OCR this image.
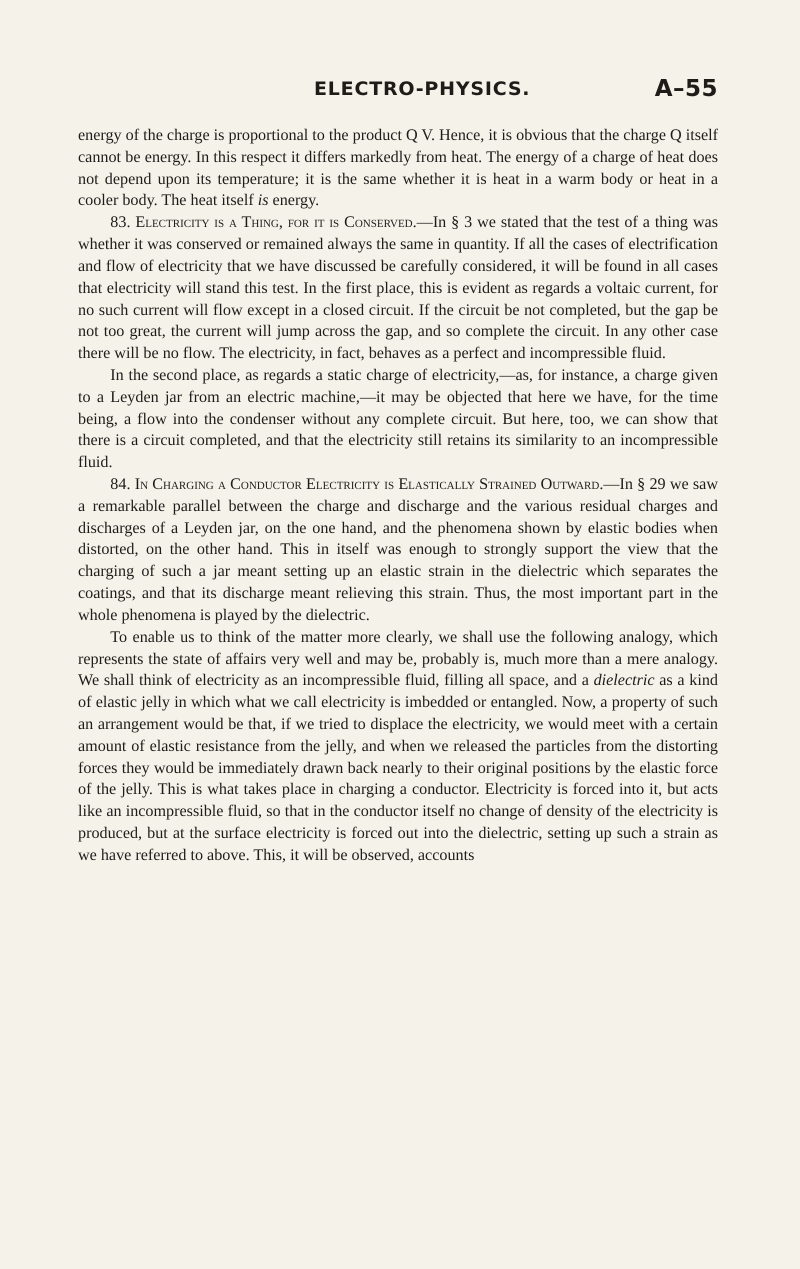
ELECTRO-PHYSICS.	A–55

energy of the charge is proportional to the product Q V. Hence, it is obvious that the charge Q itself cannot be energy. In this respect it differs markedly from heat. The energy of a charge of heat does not depend upon its temperature; it is the same whether it is heat in a warm body or heat in a cooler body. The heat itself is energy.

83. Electricity is a Thing, for it is Conserved.—In § 3 we stated that the test of a thing was whether it was conserved or remained always the same in quantity. If all the cases of electrification and flow of electricity that we have discussed be carefully considered, it will be found in all cases that electricity will stand this test. In the first place, this is evident as regards a voltaic current, for no such current will flow except in a closed circuit. If the circuit be not completed, but the gap be not too great, the current will jump across the gap, and so complete the circuit. In any other case there will be no flow. The electricity, in fact, behaves as a perfect and incompressible fluid.

In the second place, as regards a static charge of electricity,—as, for instance, a charge given to a Leyden jar from an electric machine,—it may be objected that here we have, for the time being, a flow into the condenser without any complete circuit. But here, too, we can show that there is a circuit completed, and that the electricity still retains its similarity to an incompressible fluid.

84. In Charging a Conductor Electricity is Elastically Strained Outward.—In § 29 we saw a remarkable parallel between the charge and discharge and the various residual charges and discharges of a Leyden jar, on the one hand, and the phenomena shown by elastic bodies when distorted, on the other hand. This in itself was enough to strongly support the view that the charging of such a jar meant setting up an elastic strain in the dielectric which separates the coatings, and that its discharge meant relieving this strain. Thus, the most important part in the whole phenomena is played by the dielectric.

To enable us to think of the matter more clearly, we shall use the following analogy, which represents the state of affairs very well and may be, probably is, much more than a mere analogy. We shall think of electricity as an incompressible fluid, filling all space, and a dielectric as a kind of elastic jelly in which what we call electricity is imbedded or entangled. Now, a property of such an arrangement would be that, if we tried to displace the electricity, we would meet with a certain amount of elastic resistance from the jelly, and when we released the particles from the distorting forces they would be immediately drawn back nearly to their original positions by the elastic force of the jelly. This is what takes place in charging a conductor. Electricity is forced into it, but acts like an incompressible fluid, so that in the conductor itself no change of density of the electricity is produced, but at the surface electricity is forced out into the dielectric, setting up such a strain as we have referred to above. This, it will be observed, accounts
